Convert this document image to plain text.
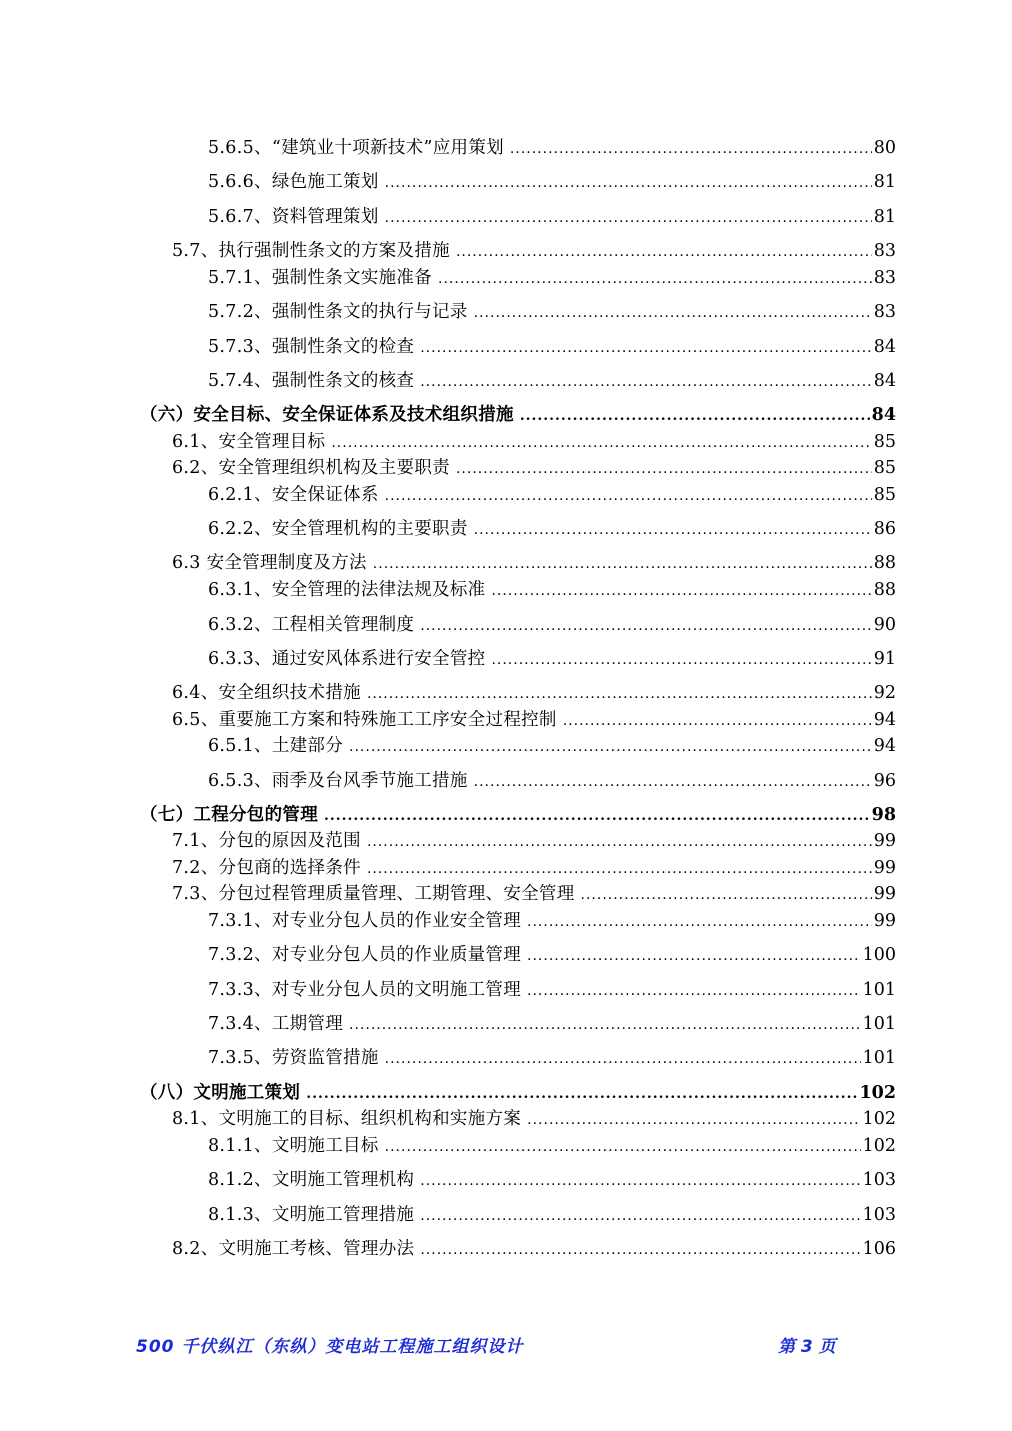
5.6.5、“建筑业十项新技术”应用策划 .....	80
5.6.6、绿色施工策划 .....	81
5.6.7、资料管理策划 .....	81
5.7、执行强制性条文的方案及措施 .....	83
5.7.1、强制性条文实施准备 .....	83
5.7.2、强制性条文的执行与记录 .....	83
5.7.3、强制性条文的检查 .....	84
5.7.4、强制性条文的核查 .....	84
（六）安全目标、安全保证体系及技术组织措施 .....	84
6.1、安全管理目标 .....	85
6.2、安全管理组织机构及主要职责 .....	85
6.2.1、安全保证体系 .....	85
6.2.2、安全管理机构的主要职责 .....	86
6.3 安全管理制度及方法 .....	88
6.3.1、安全管理的法律法规及标准 .....	88
6.3.2、工程相关管理制度 .....	90
6.3.3、通过安风体系进行安全管控 .....	91
6.4、安全组织技术措施 .....	92
6.5、重要施工方案和特殊施工工序安全过程控制 .....	94
6.5.1、土建部分 .....	94
6.5.3、雨季及台风季节施工措施 .....	96
（七）工程分包的管理 .....	98
7.1、分包的原因及范围 .....	99
7.2、分包商的选择条件 .....	99
7.3、分包过程管理质量管理、工期管理、安全管理 .....	99
7.3.1、对专业分包人员的作业安全管理 .....	99
7.3.2、对专业分包人员的作业质量管理 .....	100
7.3.3、对专业分包人员的文明施工管理 .....	101
7.3.4、工期管理 .....	101
7.3.5、劳资监管措施 .....	101
（八）文明施工策划 .....	102
8.1、文明施工的目标、组织机构和实施方案 .....	102
8.1.1、文明施工目标 .....	102
8.1.2、文明施工管理机构 .....	103
8.1.3、文明施工管理措施 .....	103
8.2、文明施工考核、管理办法 .....	106
500 千伏纵江（东纵）变电站工程施工组织设计	第 3 页
